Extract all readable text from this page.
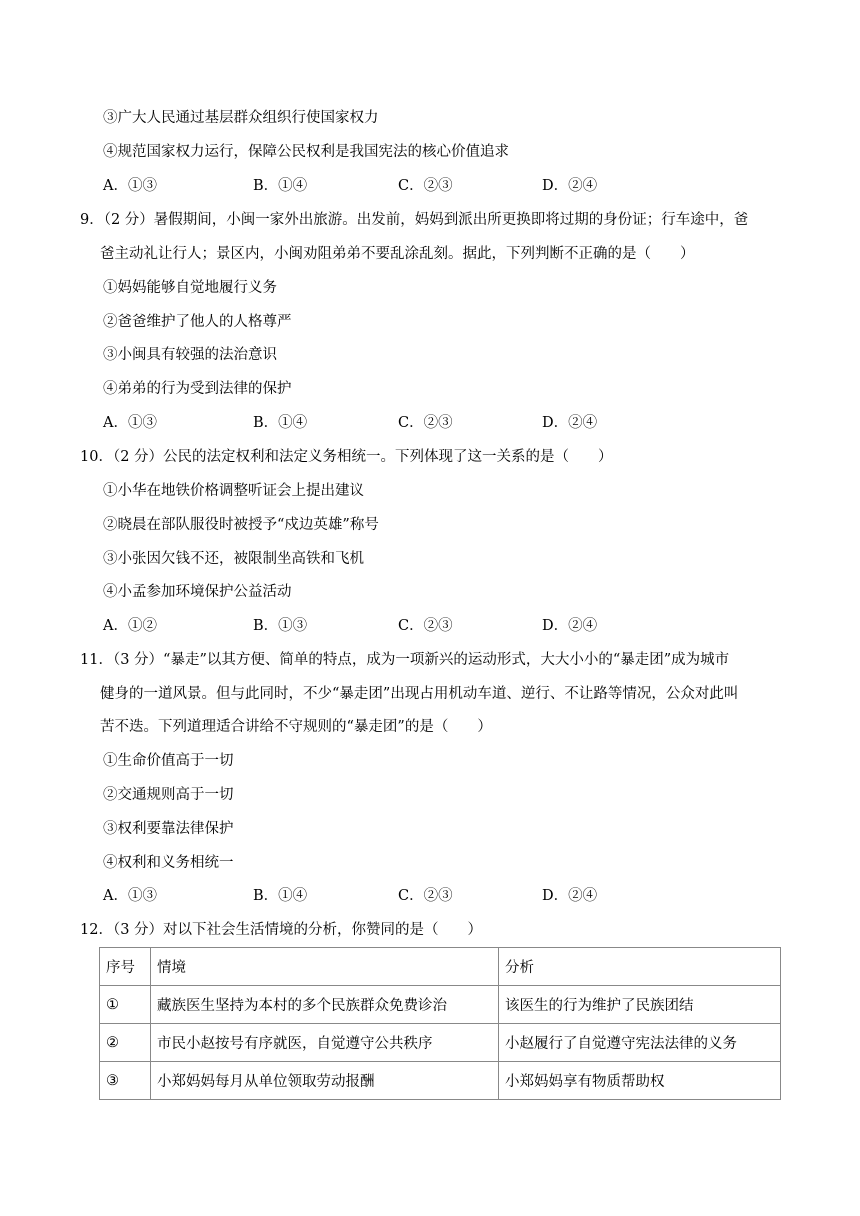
③广大人民通过基层群众组织行使国家权力
④规范国家权力运行，保障公民权利是我国宪法的核心价值追求
A．①③	B．①④	C．②③	D．②④
9．（2 分）暑假期间，小闽一家外出旅游。出发前，妈妈到派出所更换即将过期的身份证；行车途中，爸
爸主动礼让行人；景区内，小闽劝阻弟弟不要乱涂乱刻。据此，下列判断不正确的是（　　）
①妈妈能够自觉地履行义务
②爸爸维护了他人的人格尊严
③小闽具有较强的法治意识
④弟弟的行为受到法律的保护
A．①③	B．①④	C．②③	D．②④
10．（2 分）公民的法定权利和法定义务相统一。下列体现了这一关系的是（　　）
①小华在地铁价格调整听证会上提出建议
②晓晨在部队服役时被授予“戍边英雄”称号
③小张因欠钱不还，被限制坐高铁和飞机
④小孟参加环境保护公益活动
A．①②	B．①③	C．②③	D．②④
11．（3 分）“暴走”以其方便、简单的特点，成为一项新兴的运动形式，大大小小的“暴走团”成为城市
健身的一道风景。但与此同时，不少“暴走团”出现占用机动车道、逆行、不让路等情况，公众对此叫
苦不迭。下列道理适合讲给不守规则的“暴走团”的是（　　）
①生命价值高于一切
②交通规则高于一切
③权利要靠法律保护
④权利和义务相统一
A．①③	B．①④	C．②③	D．②④
12．（3 分）对以下社会生活情境的分析，你赞同的是（　　）
序号	情境	分析
①	藏族医生坚持为本村的多个民族群众免费诊治	该医生的行为维护了民族团结
②	市民小赵按号有序就医，自觉遵守公共秩序	小赵履行了自觉遵守宪法法律的义务
③	小郑妈妈每月从单位领取劳动报酬	小郑妈妈享有物质帮助权
